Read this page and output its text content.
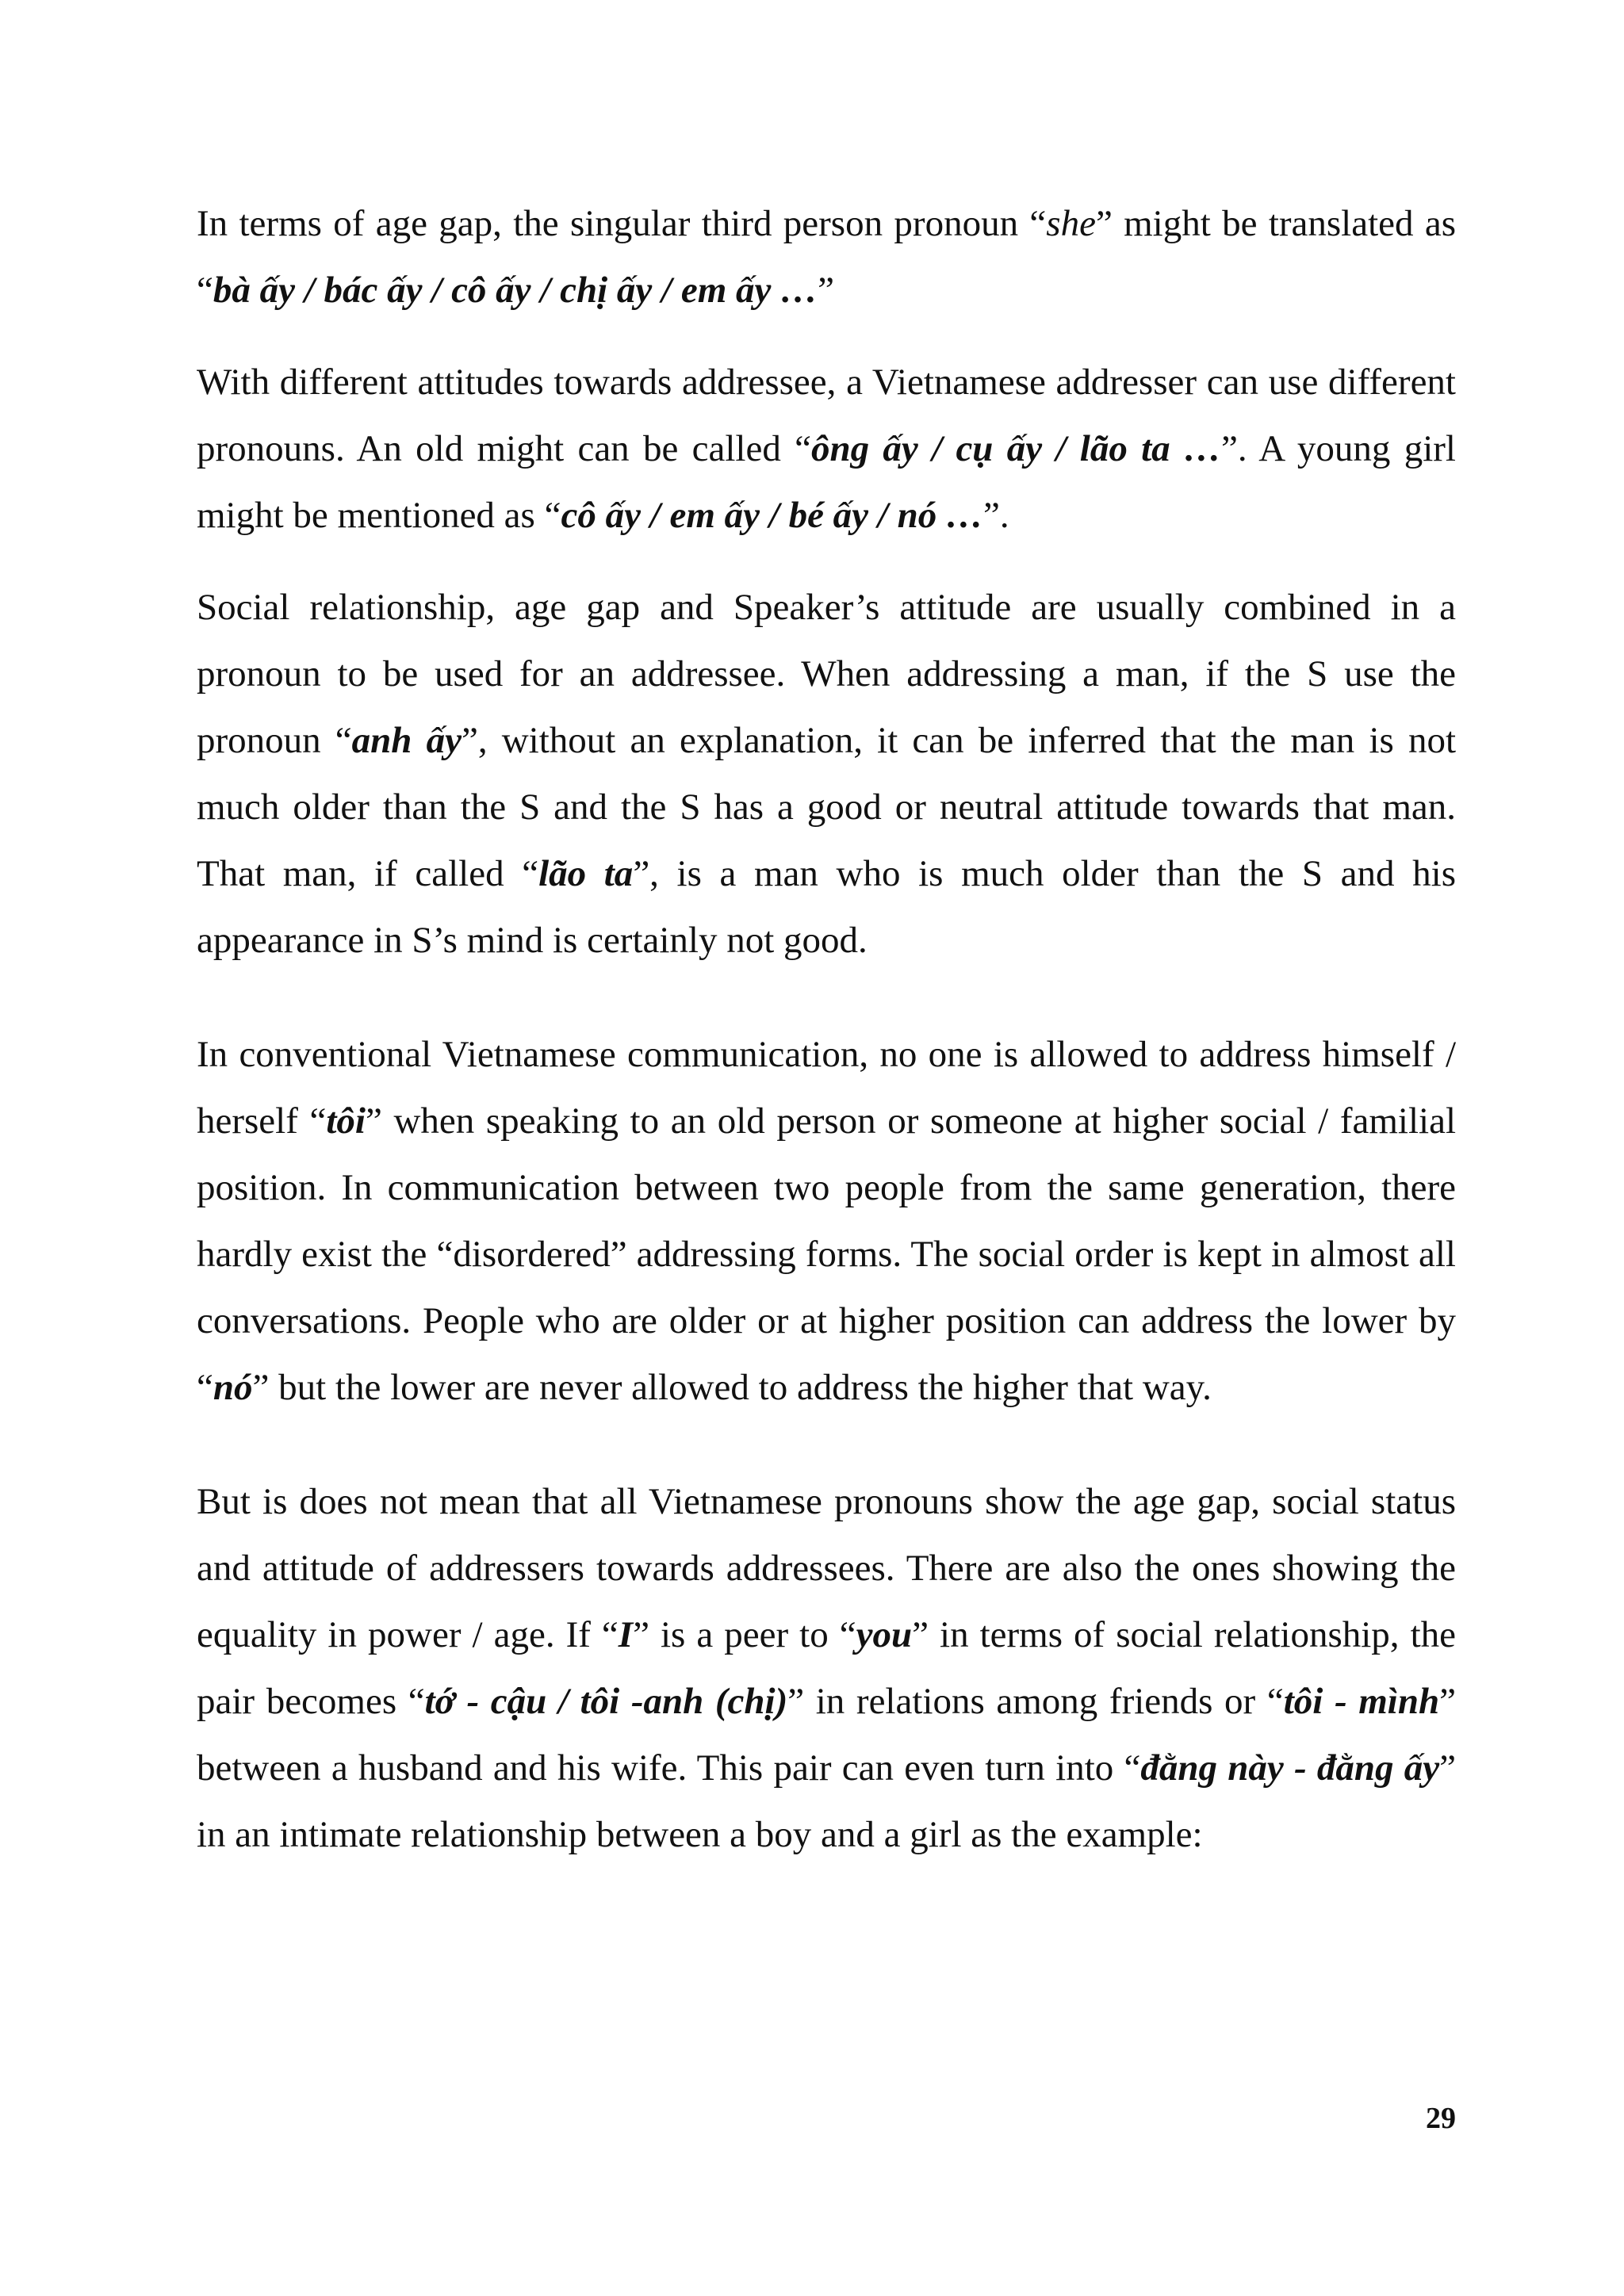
In terms of age gap, the singular third person pronoun “she” might be translated as “bà ấy / bác ấy / cô ấy / chị ấy / em ấy …”

With different attitudes towards addressee, a Vietnamese addresser can use different pronouns. An old might can be called “ông ấy / cụ ấy / lão ta …”. A young girl might be mentioned as “cô ấy / em ấy / bé ấy / nó …”.

Social relationship, age gap and Speaker’s attitude are usually combined in a pronoun to be used for an addressee. When addressing a man, if the S use the pronoun “anh ấy”, without an explanation, it can be inferred that the man is not much older than the S and the S has a good or neutral attitude towards that man. That man, if called “lão ta”, is a man who is much older than the S and his appearance in S’s mind is certainly not good.

In conventional Vietnamese communication, no one is allowed to address himself / herself “tôi” when speaking to an old person or someone at higher social / familial position. In communication between two people from the same generation, there hardly exist the “disordered” addressing forms. The social order is kept in almost all conversations. People who are older or at higher position can address the lower by “nó” but the lower are never allowed to address the higher that way.

But is does not mean that all Vietnamese pronouns show the age gap, social status and attitude of addressers towards addressees. There are also the ones showing the equality in power / age. If “I” is a peer to “you” in terms of social relationship, the pair becomes “tớ - cậu / tôi -anh (chị)” in relations among friends or “tôi - mình” between a husband and his wife. This pair can even turn into “đằng này - đằng ấy” in an intimate relationship between a boy and a girl as the example:

29
